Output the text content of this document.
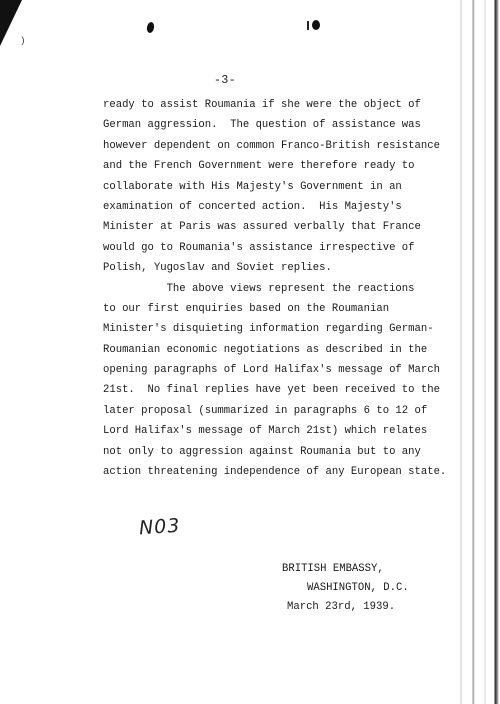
)
-3-
ready to assist Roumania if she were the object of
German aggression.  The question of assistance was
however dependent on common Franco-British resistance
and the French Government were therefore ready to
collaborate with His Majesty's Government in an
examination of concerted action.  His Majesty's
Minister at Paris was assured verbally that France
would go to Roumania's assistance irrespective of
Polish, Yugoslav and Soviet replies.
The above views represent the reactions
to our first enquiries based on the Roumanian
Minister's disquieting information regarding German-
Roumanian economic negotiations as described in the
opening paragraphs of Lord Halifax's message of March
21st.  No final replies have yet been received to the
later proposal (summarized in paragraphs 6 to 12 of
Lord Halifax's message of March 21st) which relates
not only to aggression against Roumania but to any
action threatening independence of any European state.
N03
BRITISH EMBASSY,
WASHINGTON, D.C.
March 23rd, 1939.
